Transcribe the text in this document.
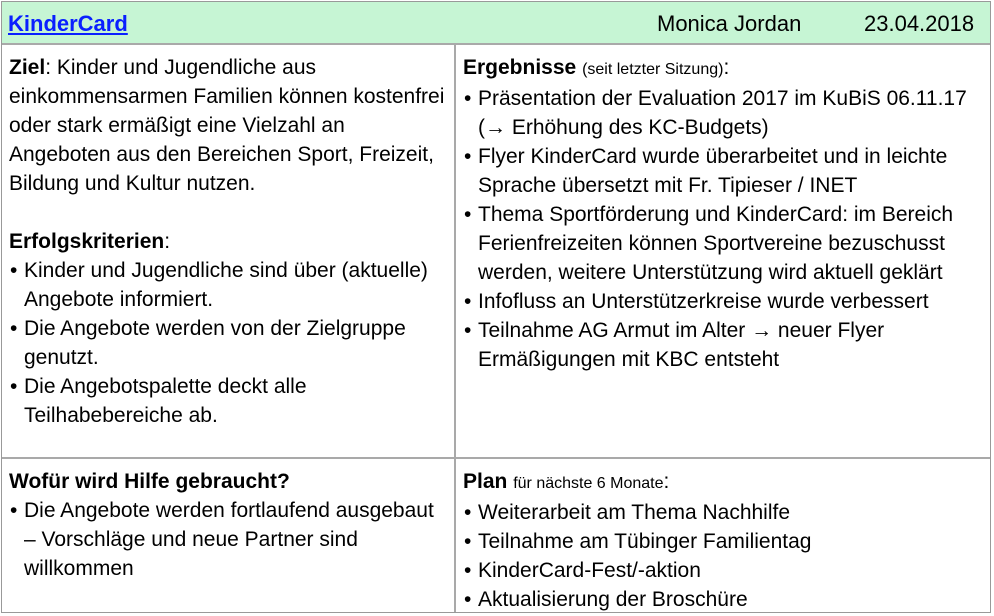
KinderCard	Monica Jordan	23.04.2018
Ziel: Kinder und Jugendliche aus einkommensarmen Familien können kostenfrei oder stark ermäßigt eine Vielzahl an Angeboten aus den Bereichen Sport, Freizeit, Bildung und Kultur nutzen.
Erfolgskriterien:
• Kinder und Jugendliche sind über (aktuelle) Angebote informiert.
• Die Angebote werden von der Zielgruppe genutzt.
• Die Angebotspalette deckt alle Teilhabebereiche ab.
Ergebnisse (seit letzter Sitzung):
• Präsentation der Evaluation 2017 im KuBiS 06.11.17 (→ Erhöhung des KC-Budgets)
• Flyer KinderCard wurde überarbeitet und in leichte Sprache übersetzt mit Fr. Tipieser / INET
• Thema Sportförderung und KinderCard: im Bereich Ferienfreizeiten können Sportvereine bezuschusst werden, weitere Unterstützung wird aktuell geklärt
• Infofluss an Unterstützerkreise wurde verbessert
• Teilnahme AG Armut im Alter → neuer Flyer Ermäßigungen mit KBC entsteht
Wofür wird Hilfe gebraucht?
• Die Angebote werden fortlaufend ausgebaut – Vorschläge und neue Partner sind willkommen
Plan für nächste 6 Monate:
• Weiterarbeit am Thema Nachhilfe
• Teilnahme am Tübinger Familientag
• KinderCard-Fest/-aktion
• Aktualisierung der Broschüre
